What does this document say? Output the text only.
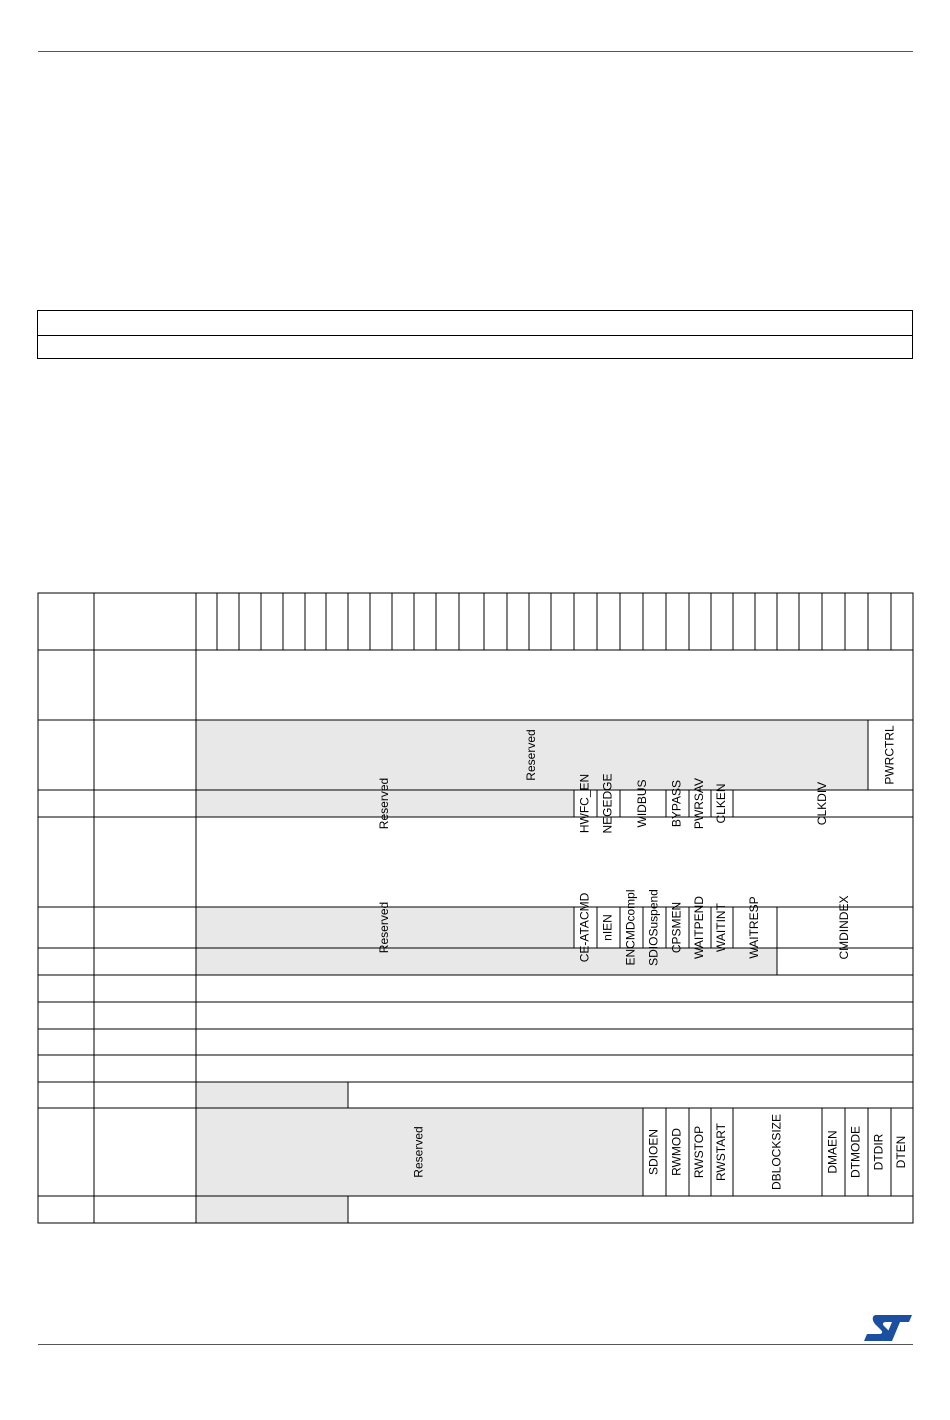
Reserved	PWRCTRL
Reserved	HWFC_EN NEGEDGE WIDBUS BYPASS PWRSAV CLKEN	CLKDIV
Reserved	CE-ATACMD nIEN ENCMDcompl SDIOSuspend CPSMEN WAITPEND WAITINT WAITRESP	CMDINDEX
Reserved	SDIOEN RWMOD RWSTOP RWSTART	DBLOCKSIZE	DMAEN DTMODE DTDIR DTEN
